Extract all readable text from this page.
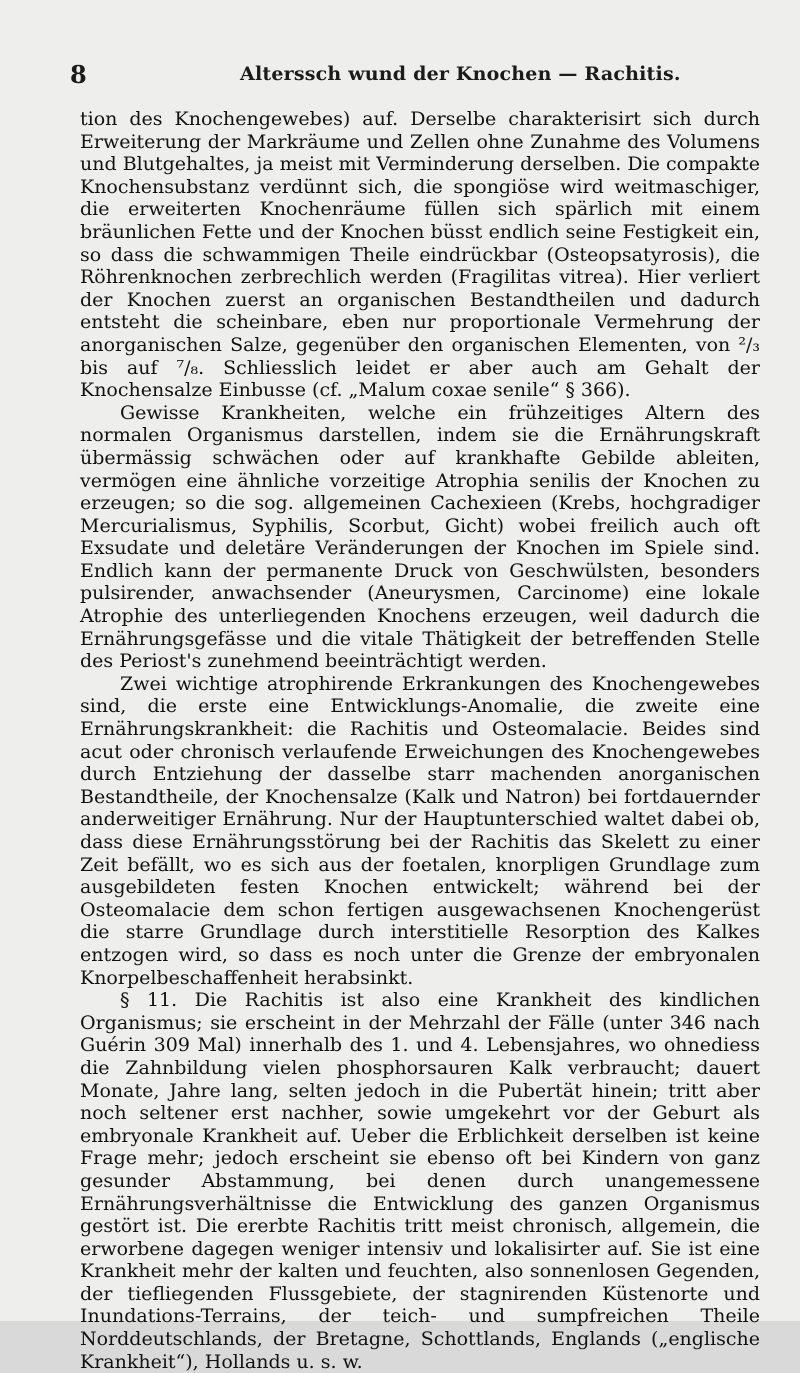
8	Alterssch wund der Knochen — Rachitis.

tion des Knochengewebes) auf. Derselbe charakterisirt sich durch Erweiterung der Markräume und Zellen ohne Zunahme des Volumens und Blutgehaltes, ja meist mit Verminderung derselben. Die compakte Knochensubstanz verdünnt sich, die spongiöse wird weitmaschiger, die erweiterten Knochenräume füllen sich spärlich mit einem bräunlichen Fette und der Knochen büsst endlich seine Festigkeit ein, so dass die schwammigen Theile eindrückbar (Osteopsatyrosis), die Röhrenknochen zerbrechlich werden (Fragilitas vitrea). Hier verliert der Knochen zuerst an organischen Bestandtheilen und dadurch entsteht die scheinbare, eben nur proportionale Vermehrung der anorganischen Salze, gegenüber den organischen Elementen, von ²/₃ bis auf ⁷/₈. Schliesslich leidet er aber auch am Gehalt der Knochensalze Einbusse (cf. „Malum coxae senile“ § 366).

Gewisse Krankheiten, welche ein frühzeitiges Altern des normalen Organismus darstellen, indem sie die Ernährungskraft übermässig schwächen oder auf krankhafte Gebilde ableiten, vermögen eine ähnliche vorzeitige Atrophia senilis der Knochen zu erzeugen; so die sog. allgemeinen Cachexieen (Krebs, hochgradiger Mercurialismus, Syphilis, Scorbut, Gicht) wobei freilich auch oft Exsudate und deletäre Veränderungen der Knochen im Spiele sind. Endlich kann der permanente Druck von Geschwülsten, besonders pulsirender, anwachsender (Aneurysmen, Carcinome) eine lokale Atrophie des unterliegenden Knochens erzeugen, weil dadurch die Ernährungsgefässe und die vitale Thätigkeit der betreffenden Stelle des Periost's zunehmend beeinträchtigt werden.

Zwei wichtige atrophirende Erkrankungen des Knochengewebes sind, die erste eine Entwicklungs-Anomalie, die zweite eine Ernährungskrankheit: die Rachitis und Osteomalacie. Beides sind acut oder chronisch verlaufende Erweichungen des Knochengewebes durch Entziehung der dasselbe starr machenden anorganischen Bestandtheile, der Knochensalze (Kalk und Natron) bei fortdauernder anderweitiger Ernährung. Nur der Hauptunterschied waltet dabei ob, dass diese Ernährungsstörung bei der Rachitis das Skelett zu einer Zeit befällt, wo es sich aus der foetalen, knorpligen Grundlage zum ausgebildeten festen Knochen entwickelt; während bei der Osteomalacie dem schon fertigen ausgewachsenen Knochengerüst die starre Grundlage durch interstitielle Resorption des Kalkes entzogen wird, so dass es noch unter die Grenze der embryonalen Knorpelbeschaffenheit herabsinkt.

§ 11. Die Rachitis ist also eine Krankheit des kindlichen Organismus; sie erscheint in der Mehrzahl der Fälle (unter 346 nach Guérin 309 Mal) innerhalb des 1. und 4. Lebensjahres, wo ohnediess die Zahnbildung vielen phosphorsauren Kalk verbraucht; dauert Monate, Jahre lang, selten jedoch in die Pubertät hinein; tritt aber noch seltener erst nachher, sowie umgekehrt vor der Geburt als embryonale Krankheit auf. Ueber die Erblichkeit derselben ist keine Frage mehr; jedoch erscheint sie ebenso oft bei Kindern von ganz gesunder Abstammung, bei denen durch unangemessene Ernährungsverhältnisse die Entwicklung des ganzen Organismus gestört ist. Die ererbte Rachitis tritt meist chronisch, allgemein, die erworbene dagegen weniger intensiv und lokalisirter auf. Sie ist eine Krankheit mehr der kalten und feuchten, also sonnenlosen Gegenden, der tiefliegenden Flussgebiete, der stagnirenden Küstenorte und Inundations-Terrains, der teich- und sumpfreichen Theile Norddeutschlands, der Bretagne, Schottlands, Englands („englische Krankheit“), Hollands u. s. w.
